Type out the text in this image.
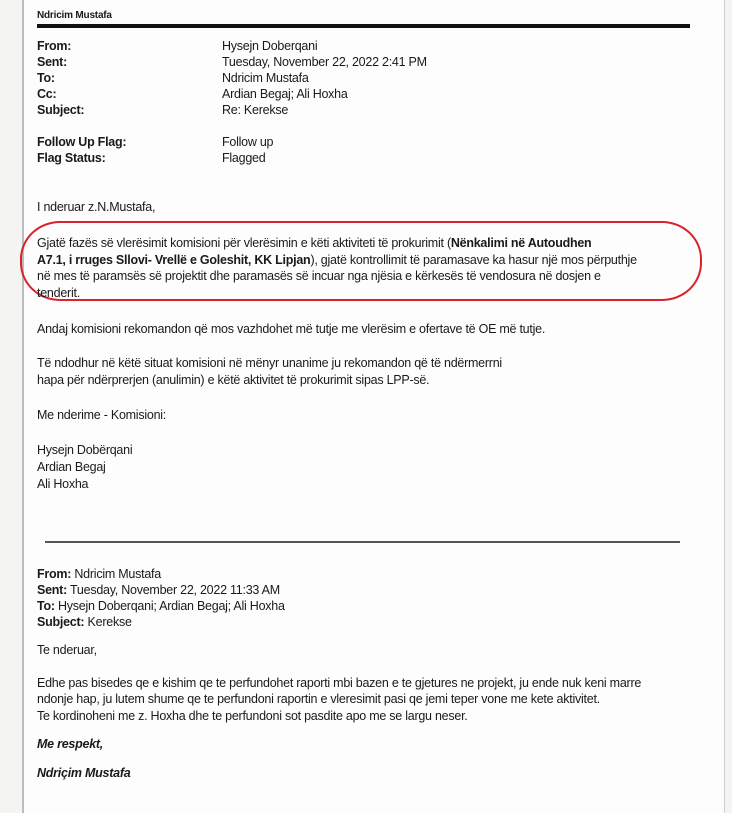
Ndricim Mustafa
From:	Hysejn Doberqani
Sent:	Tuesday, November 22, 2022 2:41 PM
To:	Ndricim Mustafa
Cc:	Ardian Begaj; Ali Hoxha
Subject:	Re: Kerekse
Follow Up Flag:	Follow up
Flag Status:	Flagged
I nderuar z.N.Mustafa,
Gjatë fazës së vlerësimit komisioni për vlerësimin e këti aktiviteti të prokurimit (Nënkalimi në Autoudhen
A7.1, i rruges Sllovi- Vrellë e Goleshit, KK Lipjan), gjatë kontrollimit të paramasave ka hasur një mos përputhje
në mes të paramsës së projektit dhe paramasës së incuar nga njësia e kërkesës të vendosura në dosjen e
tenderit.
Andaj komisioni rekomandon që mos vazhdohet më tutje me vlerësim e ofertave të OE më tutje.
Të ndodhur në këtë situat komisioni në mënyr unanime ju rekomandon që të ndërmerrni
hapa për ndërprerjen (anulimin) e këtë aktivitet të prokurimit sipas LPP-së.
Me nderime - Komisioni:
Hysejn Dobërqani
Ardian Begaj
Ali Hoxha
From: Ndricim Mustafa
Sent: Tuesday, November 22, 2022 11:33 AM
To: Hysejn Doberqani; Ardian Begaj; Ali Hoxha
Subject: Kerekse
Te nderuar,
Edhe pas bisedes qe e kishim qe te perfundohet raporti mbi bazen e te gjetures ne projekt, ju ende nuk keni marre
ndonje hap, ju lutem shume qe te perfundoni raportin e vleresimit pasi qe jemi teper vone me kete aktivitet.
Te kordinoheni me z. Hoxha dhe te perfundoni sot pasdite apo me se largu neser.
Me respekt,
Ndriçim Mustafa
